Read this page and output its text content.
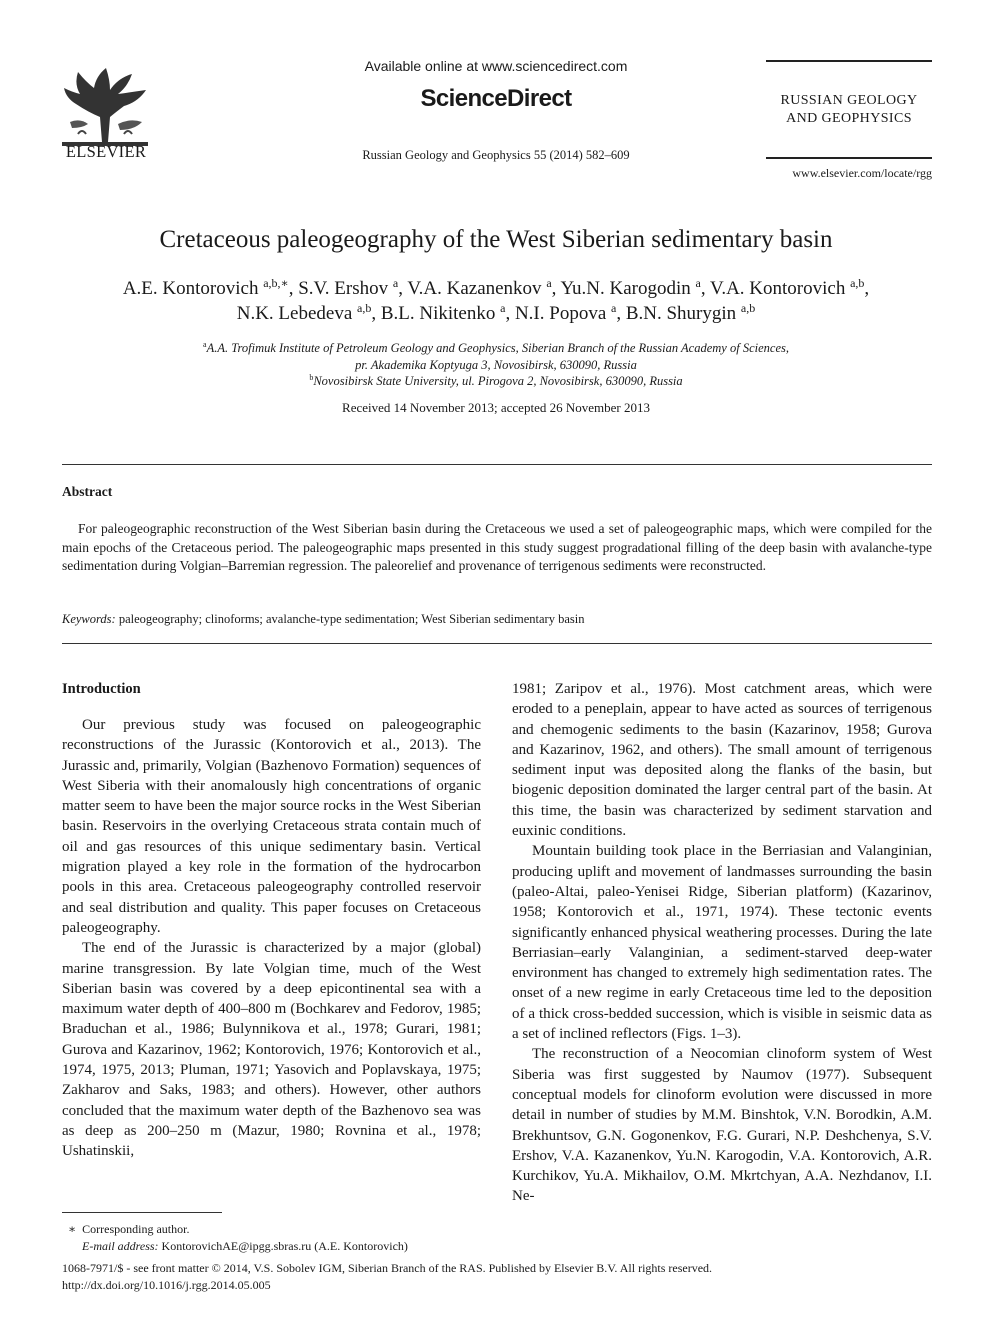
ELSEVIER
Available online at www.sciencedirect.com
ScienceDirect
Russian Geology and Geophysics 55 (2014) 582–609
RUSSIAN GEOLOGY
AND GEOPHYSICS
www.elsevier.com/locate/rgg
Cretaceous paleogeography of the West Siberian sedimentary basin
A.E. Kontorovich $^{a,b,∗}$, S.V. Ershov $^a$, V.A. Kazanenkov $^a$, Yu.N. Karogodin $^a$, V.A. Kontorovich $^{a,b}$,
N.K. Lebedeva $^{a,b}$, B.L. Nikitenko $^a$, N.I. Popova $^a$, B.N. Shurygin $^{a,b}$
$^a$A.A. Trofimuk Institute of Petroleum Geology and Geophysics, Siberian Branch of the Russian Academy of Sciences,
pr. Akademika Koptyuga 3, Novosibirsk, 630090, Russia
$^b$Novosibirsk State University, ul. Pirogova 2, Novosibirsk, 630090, Russia
Received 14 November 2013; accepted 26 November 2013
Abstract
For paleogeographic reconstruction of the West Siberian basin during the Cretaceous we used a set of paleogeographic maps, which were compiled for the main epochs of the Cretaceous period. The paleogeographic maps presented in this study suggest progradational filling of the deep basin with avalanche-type sedimentation during Volgian–Barremian regression. The paleorelief and provenance of terrigenous sediments were reconstructed.
Keywords: paleogeography; clinoforms; avalanche-type sedimentation; West Siberian sedimentary basin
Introduction

Our previous study was focused on paleogeographic reconstructions of the Jurassic (Kontorovich et al., 2013). The Jurassic and, primarily, Volgian (Bazhenovo Formation) sequences of West Siberia with their anomalously high concentrations of organic matter seem to have been the major source rocks in the West Siberian basin. Reservoirs in the overlying Cretaceous strata contain much of oil and gas resources of this unique sedimentary basin. Vertical migration played a key role in the formation of the hydrocarbon pools in this area. Cretaceous paleogeography controlled reservoir and seal distribution and quality. This paper focuses on Cretaceous paleogeography.

The end of the Jurassic is characterized by a major (global) marine transgression. By late Volgian time, much of the West Siberian basin was covered by a deep epicontinental sea with a maximum water depth of 400–800 m (Bochkarev and Fedorov, 1985; Braduchan et al., 1986; Bulynnikova et al., 1978; Gurari, 1981; Gurova and Kazarinov, 1962; Kontorovich, 1976; Kontorovich et al., 1974, 1975, 2013; Pluman, 1971; Yasovich and Poplavskaya, 1975; Zakharov and Saks, 1983; and others). However, other authors concluded that the maximum water depth of the Bazhenovo sea was as deep as 200–250 m (Mazur, 1980; Rovnina et al., 1978; Ushatinskii,

1981; Zaripov et al., 1976). Most catchment areas, which were eroded to a peneplain, appear to have acted as sources of terrigenous and chemogenic sediments to the basin (Kazarinov, 1958; Gurova and Kazarinov, 1962, and others). The small amount of terrigenous sediment input was deposited along the flanks of the basin, but biogenic deposition dominated the larger central part of the basin. At this time, the basin was characterized by sediment starvation and euxinic conditions.

Mountain building took place in the Berriasian and Valanginian, producing uplift and movement of landmasses surrounding the basin (paleo-Altai, paleo-Yenisei Ridge, Siberian platform) (Kazarinov, 1958; Kontorovich et al., 1971, 1974). These tectonic events significantly enhanced physical weathering processes. During the late Berriasian–early Valanginian, a sediment-starved deep-water environment has changed to extremely high sedimentation rates. The onset of a new regime in early Cretaceous time led to the deposition of a thick cross-bedded succession, which is visible in seismic data as a set of inclined reflectors (Figs. 1–3).

The reconstruction of a Neocomian clinoform system of West Siberia was first suggested by Naumov (1977). Subsequent conceptual models for clinoform evolution were discussed in more detail in number of studies by M.M. Binshtok, V.N. Borodkin, A.M. Brekhuntsov, G.N. Gogonenkov, F.G. Gurari, N.P. Deshchenya, S.V. Ershov, V.A. Kazanenkov, Yu.N. Karogodin, V.A. Kontorovich, A.R. Kurchikov, Yu.A. Mikhailov, O.M. Mkrtchyan, A.A. Nezhdanov, I.I. Ne-

∗ Corresponding author.
E-mail address: KontorovichAE@ipgg.sbras.ru (A.E. Kontorovich)
1068-7971/$ - see front matter © 2014, V.S. Sobolev IGM, Siberian Branch of the RAS. Published by Elsevier B.V. All rights reserved.
http://dx.doi.org/10.1016/j.rgg.2014.05.005
